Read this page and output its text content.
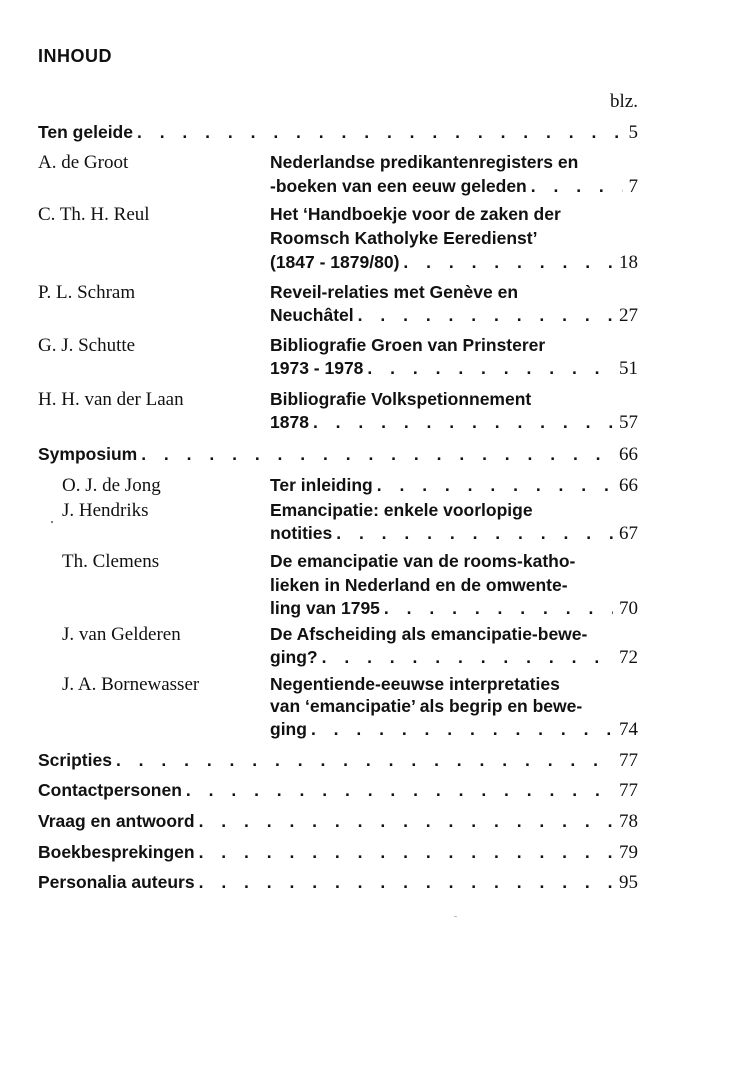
INHOUD
blz.
Ten geleide . . .	5
A. de Groot	Nederlandse predikantenregisters en
-boeken van een eeuw geleden . . .	7
C. Th. H. Reul	Het ‘Handboekje voor de zaken der
Roomsch Katholyke Eeredienst’
(1847 - 1879/80) . . .	18
P. L. Schram	Reveil-relaties met Genève en
Neuchâtel . . .	27
G. J. Schutte	Bibliografie Groen van Prinsterer
1973 - 1978 . . .	51
H. H. van der Laan	Bibliografie Volkspetionnement
1878 . . .	57
Symposium . . .	66
O. J. de Jong	Ter inleiding . . .	66
J. Hendriks	Emancipatie: enkele voorlopige
notities . . .	67
Th. Clemens	De emancipatie van de rooms-katho-
lieken in Nederland en de omwente-
ling van 1795 . . .	70
J. van Gelderen	De Afscheiding als emancipatie-bewe-
ging? . . .	72
J. A. Bornewasser	Negentiende-eeuwse interpretaties
van ‘emancipatie’ als begrip en bewe-
ging . . .	74
Scripties . . .	77
Contactpersonen . . .	77
Vraag en antwoord . . .	78
Boekbesprekingen . . .	79
Personalia auteurs . . .	95
